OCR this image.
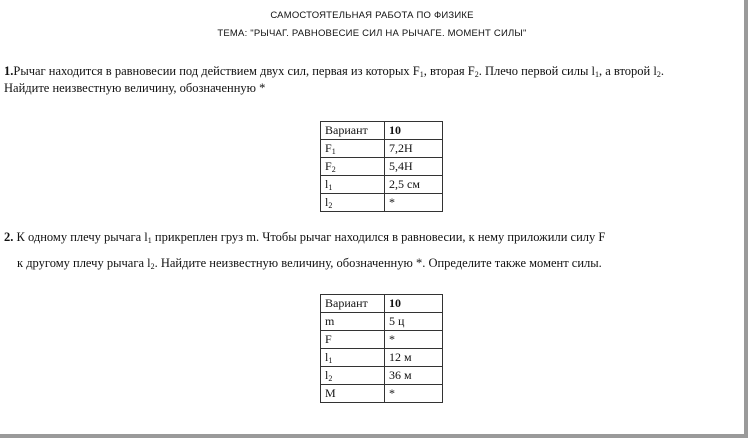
САМОСТОЯТЕЛЬНАЯ РАБОТА ПО ФИЗИКЕ
ТЕМА: "РЫЧАГ. РАВНОВЕСИЕ СИЛ НА РЫЧАГЕ. МОМЕНТ СИЛЫ"
1.Рычаг находится в равновесии под действием двух сил, первая из которых $F_1$, вторая $F_2$. Плечо первой силы $l_1$, а второй $l_2$.
Найдите неизвестную величину, обозначенную *
Вариант	10
$F_1$	7,2Н
$F_2$	5,4Н
$l_1$	2,5 см
$l_2$	*
2. К одному плечу рычага $l_1$ прикреплен груз m. Чтобы рычаг находился в равновесии, к нему приложили силу F
к другому плечу рычага $l_2$. Найдите неизвестную величину, обозначенную *. Определите также момент силы.
Вариант	10
m	5 ц
F	*
$l_1$	12 м
$l_2$	36 м
M	*
